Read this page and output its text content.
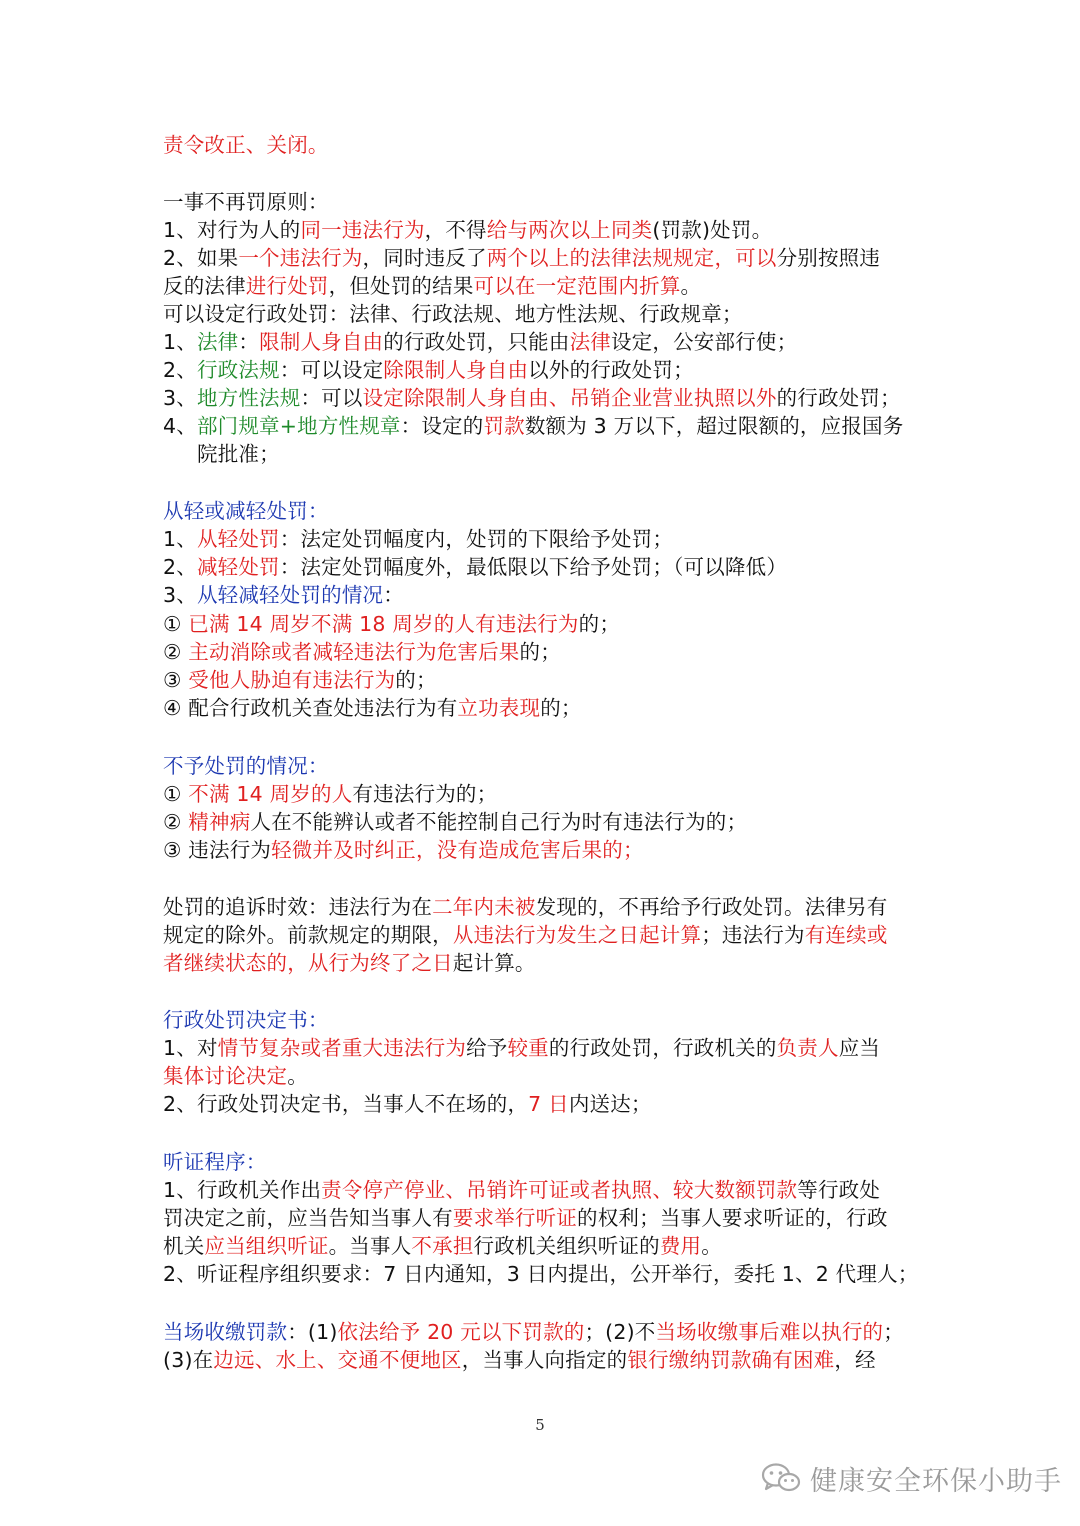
责令改正、关闭。
一事不再罚原则：
1、对行为人的同一违法行为，不得给与两次以上同类(罚款)处罚。
2、如果一个违法行为，同时违反了两个以上的法律法规规定，可以分别按照违
反的法律进行处罚，但处罚的结果可以在一定范围内折算。
可以设定行政处罚：法律、行政法规、地方性法规、行政规章；
1、法律：限制人身自由的行政处罚，只能由法律设定，公安部行使；
2、行政法规：可以设定除限制人身自由以外的行政处罚；
3、地方性法规：可以设定除限制人身自由、吊销企业营业执照以外的行政处罚；
4、部门规章+地方性规章：设定的罚款数额为 3 万以下，超过限额的，应报国务
院批准；
从轻或减轻处罚：
1、从轻处罚：法定处罚幅度内，处罚的下限给予处罚；
2、减轻处罚：法定处罚幅度外，最低限以下给予处罚；（可以降低）
3、从轻减轻处罚的情况：
① 已满 14 周岁不满 18 周岁的人有违法行为的；
② 主动消除或者减轻违法行为危害后果的；
③ 受他人胁迫有违法行为的；
④ 配合行政机关查处违法行为有立功表现的；
不予处罚的情况：
① 不满 14 周岁的人有违法行为的；
② 精神病人在不能辨认或者不能控制自己行为时有违法行为的；
③ 违法行为轻微并及时纠正，没有造成危害后果的；
处罚的追诉时效：违法行为在二年内未被发现的，不再给予行政处罚。法律另有
规定的除外。前款规定的期限，从违法行为发生之日起计算；违法行为有连续或
者继续状态的，从行为终了之日起计算。
行政处罚决定书：
1、对情节复杂或者重大违法行为给予较重的行政处罚，行政机关的负责人应当
集体讨论决定。
2、行政处罚决定书，当事人不在场的，7 日内送达；
听证程序：
1、行政机关作出责令停产停业、吊销许可证或者执照、较大数额罚款等行政处
罚决定之前，应当告知当事人有要求举行听证的权利；当事人要求听证的，行政
机关应当组织听证。当事人不承担行政机关组织听证的费用。
2、听证程序组织要求：7 日内通知，3 日内提出，公开举行，委托 1、2 代理人；
当场收缴罚款：(1)依法给予 20 元以下罚款的；(2)不当场收缴事后难以执行的；
(3)在边远、水上、交通不便地区，当事人向指定的银行缴纳罚款确有困难，经
5
健康安全环保小助手
